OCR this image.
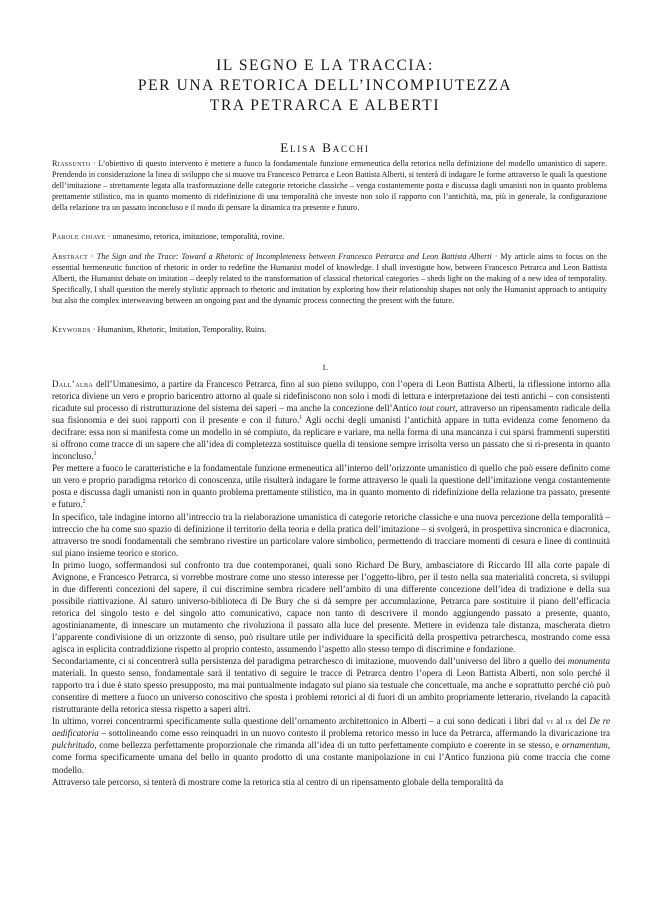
IL SEGNO E LA TRACCIA:
PER UNA RETORICA DELL’INCOMPIUTEZZA
TRA PETRARCA E ALBERTI
Elisa Bacchi
Riassunto · L’obiettivo di questo intervento è mettere a fuoco la fondamentale funzione ermeneutica della retorica nella definizione del modello umanistico di sapere. Prendendo in considerazione la linea di sviluppo che si muove tra Francesco Petrarca e Leon Battista Alberti, si tenterà di indagare le forme attraverso le quali la questione dell’imitazione – strettamente legata alla trasformazione delle categorie retoriche classiche – venga costantemente posta e discussa dagli umanisti non in quanto problema prettamente stilistico, ma in quanto momento di ridefinizione di una temporalità che investe non solo il rapporto con l’antichità, ma, più in generale, la configurazione della relazione tra un passato inconcluso e il modo di pensare la dinamica tra presente e futuro.
Parole chiave · umanesimo, retorica, imitazione, temporalità, rovine.
Abstract · The Sign and the Trace: Toward a Rhetoric of Incompleteness between Francesco Petrarca and Leon Battista Alberti · My article aims to focus on the essential hermeneutic function of rhetoric in order to redefine the Humanist model of knowledge. I shall investigate how, between Francesco Petrarca and Leon Battista Alberti, the Humanist debate on imitation – deeply related to the transformation of classical rhetorical categories – sheds light on the making of a new idea of temporality. Specifically, I shall question the merely stylistic approach to rhetoric and imitation by exploring how their relationship shapes not only the Humanist approach to antiquity but also the complex interweaving between an ongoing past and the dynamic process connecting the present with the future.
Keywords · Humanism, Rhetoric, Imitation, Temporality, Ruins.
1.

Dall’alba dell’Umanesimo, a partire da Francesco Petrarca, fino al suo pieno sviluppo, con l’opera di Leon Battista Alberti, la riflessione intorno alla retorica diviene un vero e proprio baricentro attorno al quale si ridefiniscono non solo i modi di lettura e interpretazione dei testi antichi – con consistenti ricadute sul processo di ristrutturazione del sistema dei saperi – ma anche la concezione dell’Antico tout court, attraverso un ripensamento radicale della sua fisionomia e dei suoi rapporti con il presente e con il futuro.$^1$ Agli occhi degli umanisti l’antichità appare in tutta evidenza come fenomeno da decifrare: essa non si manifesta come un modello in sé compiuto, da replicare e variare, ma nella forma di una mancanza i cui sparsi frammenti superstiti si offrono come tracce di un sapere che all’idea di completezza sostituisce quella di tensione sempre irrisolta verso un passato che si ri-presenta in quanto inconcluso.$^1$

Per mettere a fuoco le caratteristiche e la fondamentale funzione ermeneutica all’interno dell’orizzonte umanistico di quello che può essere definito come un vero e proprio paradigma retorico di conoscenza, utile risulterà indagare le forme attraverso le quali la questione dell’imitazione venga costantemente posta e discussa dagli umanisti non in quanto problema prettamente stilistico, ma in quanto momento di ridefinizione della relazione tra passato, presente e futuro.$^2$

In specifico, tale indagine intorno all’intreccio tra la rielaborazione umanistica di categorie retoriche classiche e una nuova percezione della temporalità – intreccio che ha come suo spazio di definizione il territorio della teoria e della pratica dell’imitazione – si svolgerà, in prospettiva sincronica e diacronica, attraverso tre snodi fondamentali che sembrano rivestire un particolare valore simbolico, permettendo di tracciare momenti di cesura e linee di continuità sul piano insieme teorico e storico.

In primo luogo, soffermandosi sul confronto tra due contemporanei, quali sono Richard De Bury, ambasciatore di Riccardo III alla corte papale di Avignone, e Francesco Petrarca, si vorrebbe mostrare come uno stesso interesse per l’oggetto-libro, per il testo nella sua materialità concreta, si sviluppi in due differenti concezioni del sapere, il cui discrimine sembra ricadere nell’ambito di una differente concezione dell’idea di tradizione e della sua possibile riattivazione. Al saturo universo-biblioteca di De Bury che si dà sempre per accumulazione, Petrarca pare sostituire il piano dell’efficacia retorica del singolo testo e del singolo atto comunicativo, capace non tanto di descrivere il mondo aggiungendo passato a presente, quanto, agostinianamente, di innescare un mutamento che rivoluziona il passato alla luce del presente. Mettere in evidenza tale distanza, mascherata dietro l’apparente condivisione di un orizzonte di senso, può risultare utile per individuare la specificità della prospettiva petrarchesca, mostrando come essa agisca in esplicita contraddizione rispetto al proprio contesto, assumendo l’aspetto allo stesso tempo di discrimine e fondazione.

Secondariamente, ci si concentrerà sulla persistenza del paradigma petrarchesco di imitazione, muovendo dall’universo del libro a quello dei monumenta materiali. In questo senso, fondamentale sarà il tentativo di seguire le tracce di Petrarca dentro l’opera di Leon Battista Alberti, non solo perché il rapporto tra i due è stato spesso presupposto, ma mai puntualmente indagato sul piano sia testuale che concettuale, ma anche e soprattutto perché ciò può consentire di mettere a fuoco un universo conoscitivo che sposta i problemi retorici al di fuori di un ambito propriamente letterario, rivelando la capacità ristrutturante della retorica stessa rispetto a saperi altri.

In ultimo, vorrei concentrarmi specificamente sulla questione dell’ornamento architettonico in Alberti – a cui sono dedicati i libri dal vi al ix del De re aedificatoria – sottolineando come esso reinquadri in un nuovo contesto il problema retorico messo in luce da Petrarca, affermando la divaricazione tra pulchritudo, come bellezza perfettamente proporzionale che rimanda all’idea di un tutto perfettamente compiuto e coerente in se stesso, e ornamentum, come forma specificamente umana del bello in quanto prodotto di una costante manipolazione in cui l’Antico funziona più come traccia che come modello.

Attraverso tale percorso, si tenterà di mostrare come la retorica stia al centro di un ripensamento globale della temporalità da
